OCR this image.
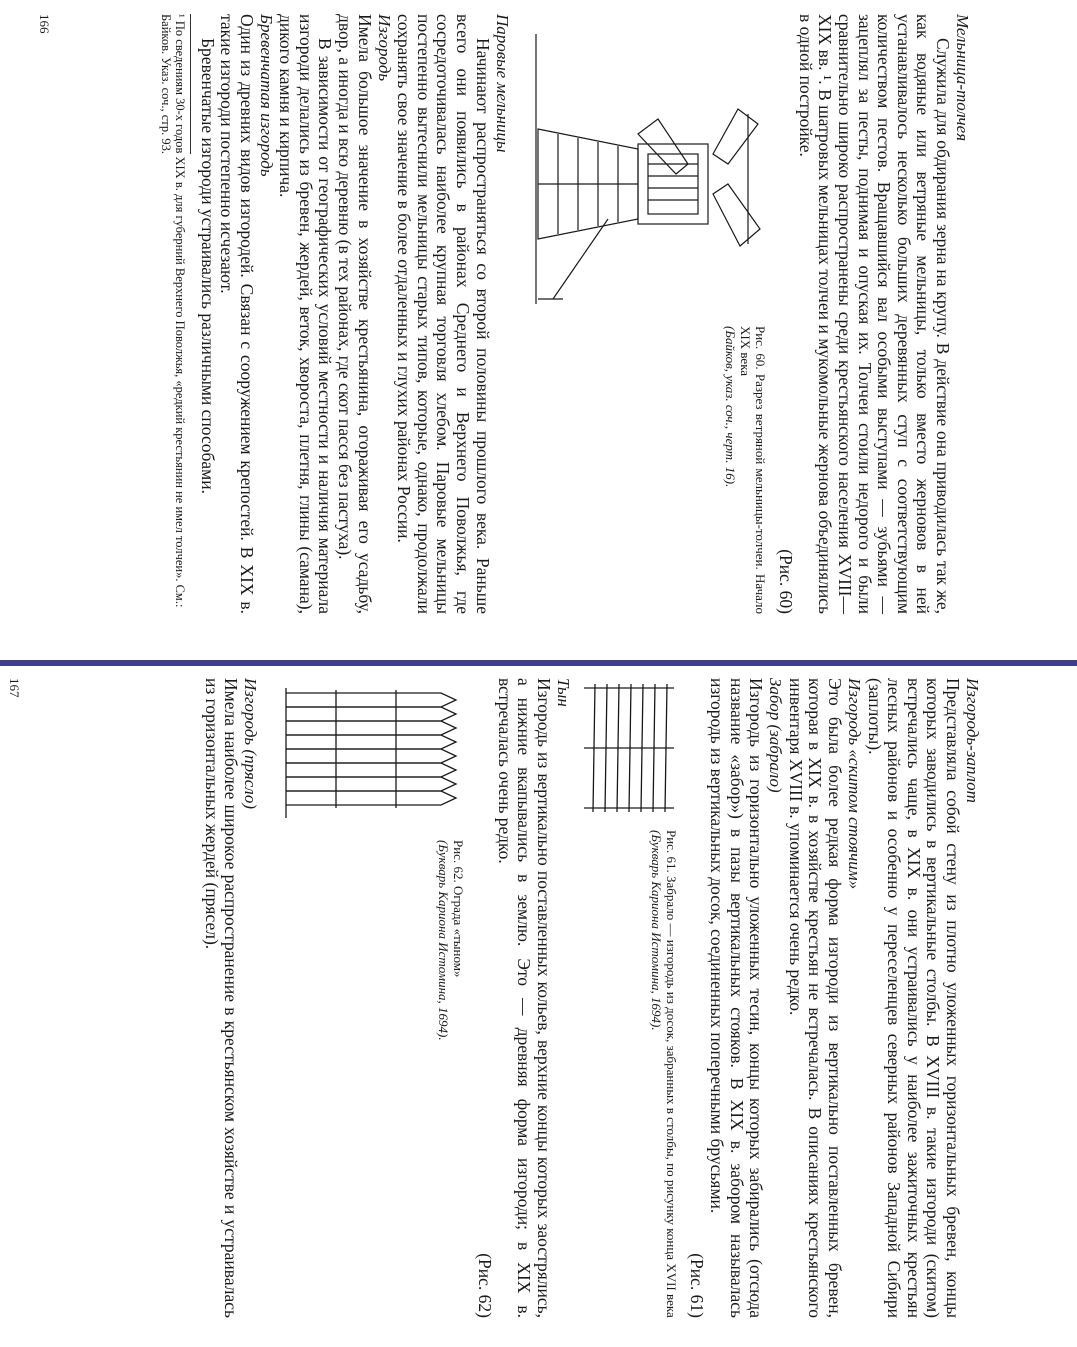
Мельница-толчея

Служила для обдирания зерна на крупу. В действие она приводилась так же, как водяные или ветряные мельницы, только вместо жерновов в ней устанавливалось несколько больших деревянных ступ с соответствующим количеством пестов. Вращавшийся вал особыми выступами — зубьями — зацеплял за песты, поднимая и опуская их. Толчеи стоили недорого и были сравнительно широко распространены среди крестьянского населения XVIII—XIX вв. ¹. В шатровых мельницах толчеи и мукомольные жернова объединялись в одной постройке.

(Рис. 60)
Рис. 60. Разрез ветряной мельницы-толчеи. Начало XIX века
(Байков, указ. соч., черт. 16).

Паровые мельницы

Начинают распространяться со второй половины прошлого века. Раньше всего они появились в районах Среднего и Верхнего Поволжья, где сосредоточивалась наиболее крупная торговля хлебом. Паровые мельницы постепенно вытеснили мельницы старых типов, которые, однако, продолжали сохранять свое значение в более отдаленных и глухих районах России.

Изгородь

Имела большое значение в хозяйстве крестьянина, огораживая его усадьбу, двор, а иногда и всю деревню (в тех районах, где скот пасся без пастуха).

В зависимости от географических условий местности и наличия материала изгороди делались из бревен, жердей, веток, хвороста, плетня, глины (самана), дикого камня и кирпича.

Бревенчатая изгородь

Один из древних видов изгородей. Связан с сооружением крепостей. В XIX в. такие изгороди постепенно исчезают.

Бревенчатые изгороди устраивались различными способами.

¹ По сведениям 30-х годов XIX в. для губерний Верхнего Поволжья, «редкий крестьянин не имел толчеи». См.: Байков. Указ. соч., стр. 93.

166

Изгородь-заплот

Представляла собой стену из плотно уложенных горизонтальных бревен, концы которых заводились в вертикальные столбы. В XVIII в. такие изгороди (скитом) встречались чаще, в XIX в. они устраивались у наиболее зажиточных крестьян лесных районов и особенно у переселенцев северных районов Западной Сибири (заплоты).

Изгородь «скитом стоячим»

Это была более редкая форма изгороди из вертикально поставленных бревен, которая в XIX в. в хозяйстве крестьян не встречалась. В описаниях крестьянского инвентаря XVIII в. упоминается очень редко.

Забор (забрало)

Изгородь из горизонтально уложенных тесин, концы которых забирались (отсюда название «забор») в пазы вертикальных стояков. В XIX в. забором называлась изгородь из вертикальных досок, соединенных поперечными брусьями.

(Рис. 61)
Рис. 61. Забрало — изгородь из досок, забранных в столбы, по рисунку конца XVII века
(Букварь Кариона Истомина, 1694).

Тын

Изгородь из вертикально поставленных кольев, верхние концы которых заострялись, а нижние вкапывались в землю. Это — древняя форма изгороди; в XIX в. встречалась очень редко.

(Рис. 62)
Рис. 62. Ограда «тыном»
(Букварь Кариона Истомина, 1694).

Изгородь (прясло)

Имела наиболее широкое распространение в крестьянском хозяйстве и устраивалась из горизонтальных жердей (прясел).

167
